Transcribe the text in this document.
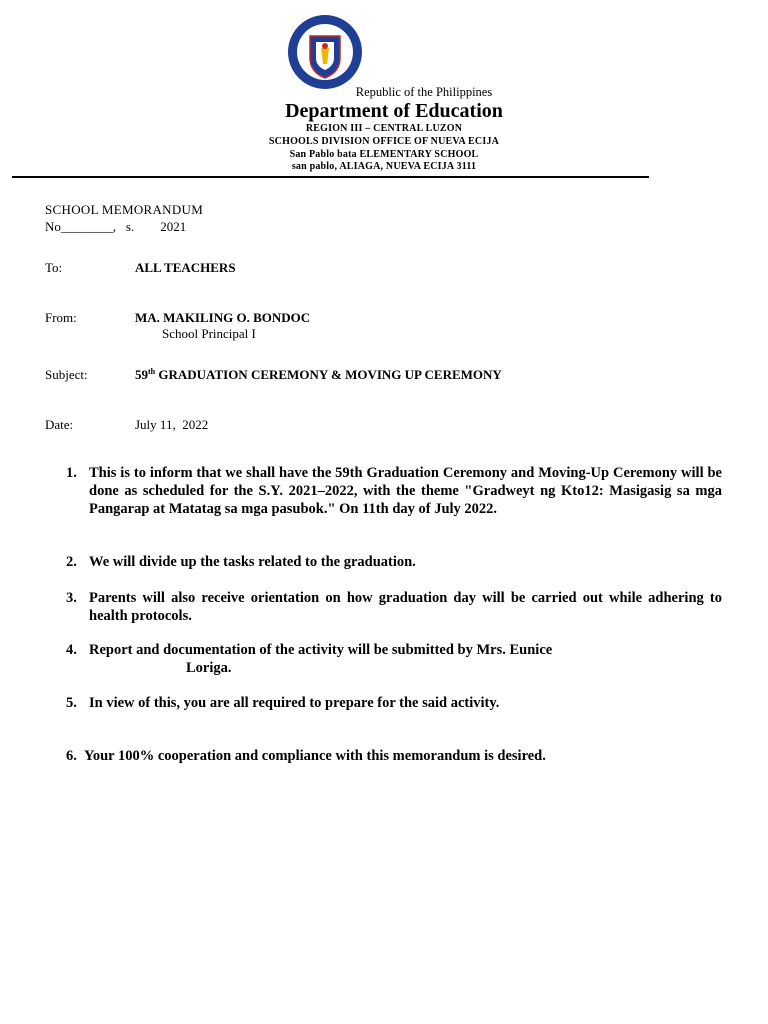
Republic of the Philippines
Department of Education
REGION III – CENTRAL LUZON
SCHOOLS DIVISION OFFICE OF NUEVA ECIJA
San Pablo bata ELEMENTARY SCHOOL
san pablo, ALIAGA, NUEVA ECIJA 3111
SCHOOL MEMORANDUM
No________,   s.        2021
To:	ALL TEACHERS
From:	MA. MAKILING O. BONDOC
School Principal I
Subject:	59th GRADUATION CEREMONY & MOVING UP CEREMONY
Date:	July 11,  2022
1. This is to inform that we shall have the 59th Graduation Ceremony and Moving-Up Ceremony will be done as scheduled for the S.Y. 2021–2022, with the theme "Gradweyt ng Kto12: Masigasig sa mga Pangarap at Matatag sa mga pasubok." On 11th day of July 2022.
2. We will divide up the tasks related to the graduation.
3. Parents will also receive orientation on how graduation day will be carried out while adhering to health protocols.
4. Report and documentation of the activity will be submitted by Mrs. Eunice
Loriga.
5. In view of this, you are all required to prepare for the said activity.
6. Your 100% cooperation and compliance with this memorandum is desired.
